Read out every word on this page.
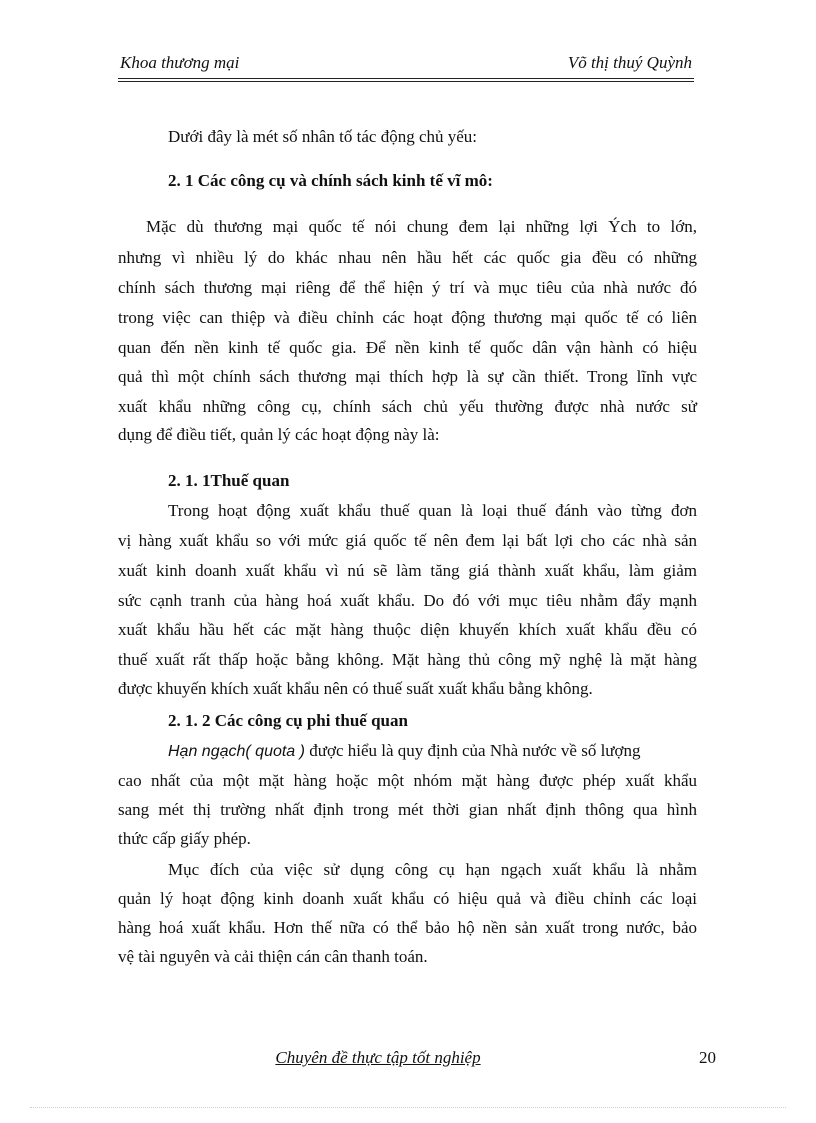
Khoa thương mại	Võ thị thuý Quỳnh
Dưới đây là mét số nhân tố tác động chủ yếu:
2. 1 Các công cụ và chính sách kinh tế vĩ mô:
Mặc dù thương mại quốc tế nói chung đem lại những lợi Ých to lớn,
nhưng vì nhiều lý do khác nhau nên hầu hết các quốc gia đều có những
chính sách thương mại riêng để thể hiện ý trí và mục tiêu của nhà nước đó
trong việc can thiệp và điều chỉnh các hoạt động thương mại quốc tế có liên
quan đến nền kinh tế quốc gia. Để nền kinh tế quốc dân vận hành có hiệu
quả thì một chính sách thương mại thích hợp là sự cần thiết. Trong lĩnh vực
xuất khẩu những công cụ, chính sách chủ yếu thường được nhà nước sử
dụng để điều tiết, quản lý các hoạt động này là:
2. 1. 1Thuế quan
Trong hoạt động xuất khẩu thuế quan là loại thuế đánh vào từng đơn
vị hàng xuất khẩu so với mức giá quốc tế nên đem lại bất lợi cho các nhà sản
xuất kinh doanh xuất khẩu vì nú sẽ làm tăng giá thành xuất khẩu, làm giảm
sức cạnh tranh của hàng hoá xuất khẩu. Do đó với mục tiêu nhằm đẩy mạnh
xuất khẩu hầu hết các mặt hàng thuộc diện khuyến khích xuất khẩu đều có
thuế xuất rất thấp hoặc bằng không. Mặt hàng thủ công mỹ nghệ là mặt hàng
được khuyến khích xuất khẩu nên có thuế suất xuất khẩu bằng không.
2. 1. 2 Các công cụ phi thuế quan
Hạn ngạch( quota ) được hiểu là quy định của Nhà nước về số lượng
cao nhất của một mặt hàng hoặc một nhóm mặt hàng được phép xuất khẩu
sang mét thị trường nhất định trong mét thời gian nhất định thông qua hình
thức cấp giấy phép.
Mục đích của việc sử dụng công cụ hạn ngạch xuất khẩu là nhằm
quản lý hoạt động kinh doanh xuất khẩu có hiệu quả và điều chỉnh các loại
hàng hoá xuất khẩu. Hơn thế nữa có thể bảo hộ nền sản xuất trong nước, bảo
vệ tài nguyên và cải thiện cán cân thanh toán.
Chuyên đề thực tập tốt nghiệp	20
